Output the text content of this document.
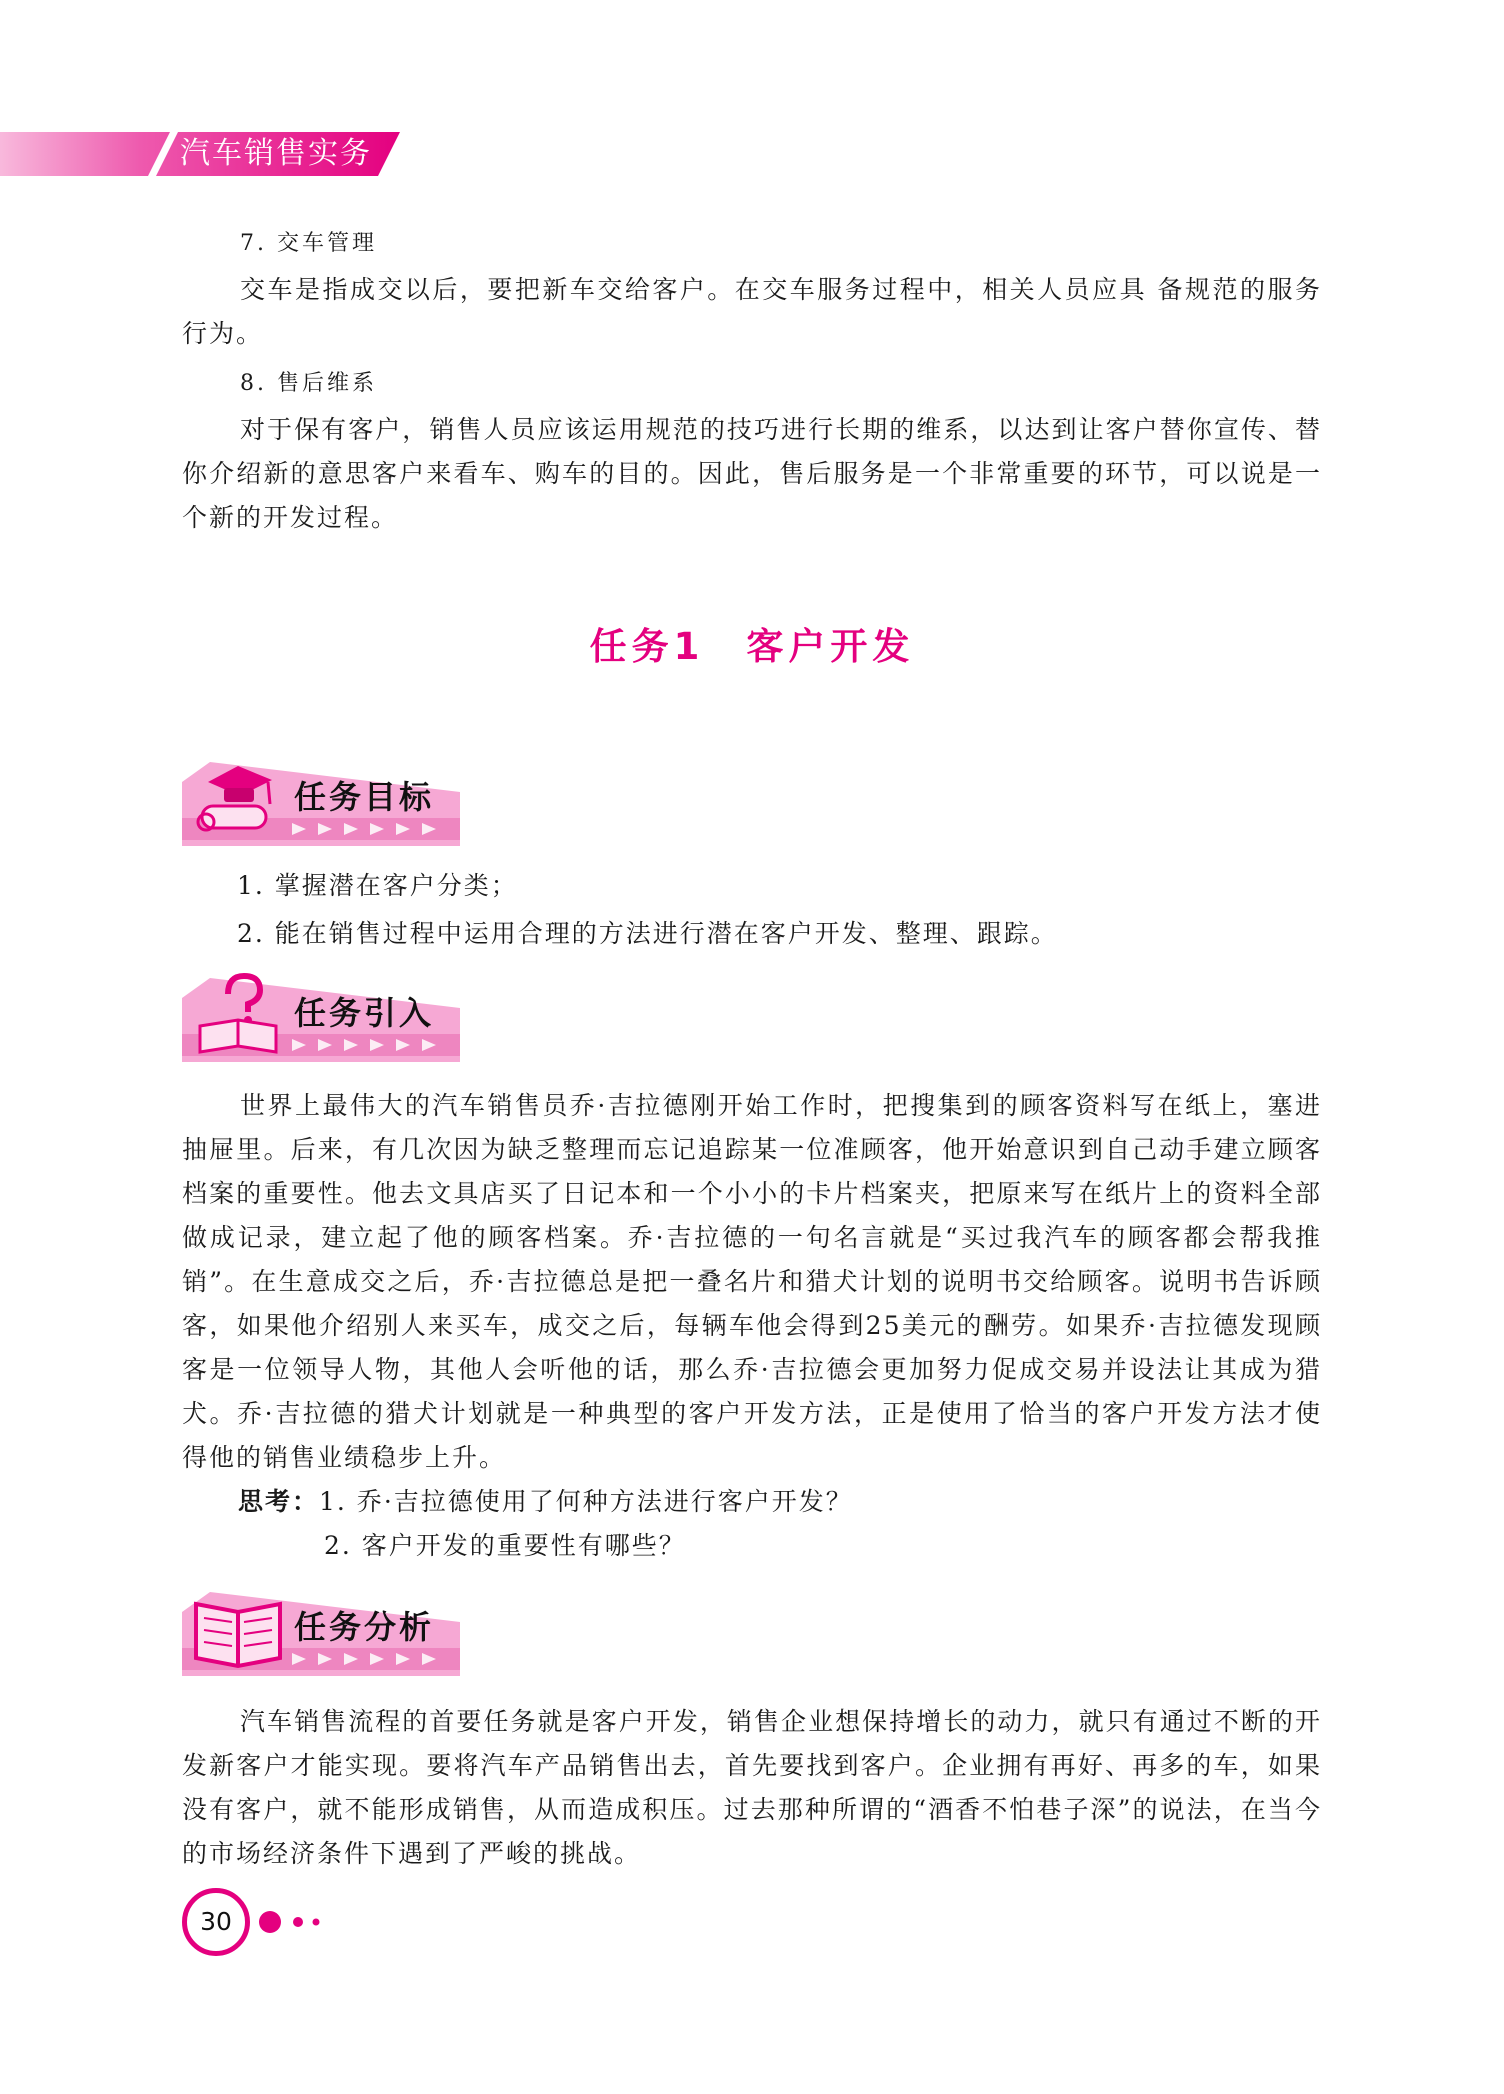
汽车销售实务
7. 交车管理

交车是指成交以后，要把新车交给客户。在交车服务过程中，相关人员应具 备规范的服务行为。

8. 售后维系

对于保有客户，销售人员应该运用规范的技巧进行长期的维系，以达到让客户替你宣传、替你介绍新的意思客户来看车、购车的目的。因此，售后服务是一个非常重要的环节，可以说是一个新的开发过程。

任务1　客户开发
任务目标

1. 掌握潜在客户分类；

2. 能在销售过程中运用合理的方法进行潜在客户开发、整理、跟踪。

任务引入

世界上最伟大的汽车销售员乔·吉拉德刚开始工作时，把搜集到的顾客资料写在纸上，塞进抽屉里。后来，有几次因为缺乏整理而忘记追踪某一位准顾客，他开始意识到自己动手建立顾客档案的重要性。他去文具店买了日记本和一个小小的卡片档案夹，把原来写在纸片上的资料全部做成记录，建立起了他的顾客档案。乔·吉拉德的一句名言就是“买过我汽车的顾客都会帮我推销”。在生意成交之后，乔·吉拉德总是把一叠名片和猎犬计划的说明书交给顾客。说明书告诉顾客，如果他介绍别人来买车，成交之后，每辆车他会得到25美元的酬劳。如果乔·吉拉德发现顾客是一位领导人物，其他人会听他的话，那么乔·吉拉德会更加努力促成交易并设法让其成为猎犬。乔·吉拉德的猎犬计划就是一种典型的客户开发方法，正是使用了恰当的客户开发方法才使得他的销售业绩稳步上升。

思考：1. 乔·吉拉德使用了何种方法进行客户开发？
2. 客户开发的重要性有哪些？
任务分析

汽车销售流程的首要任务就是客户开发，销售企业想保持增长的动力，就只有通过不断的开发新客户才能实现。要将汽车产品销售出去，首先要找到客户。企业拥有再好、再多的车，如果没有客户，就不能形成销售，从而造成积压。过去那种所谓的“酒香不怕巷子深”的说法，在当今的市场经济条件下遇到了严峻的挑战。

30
